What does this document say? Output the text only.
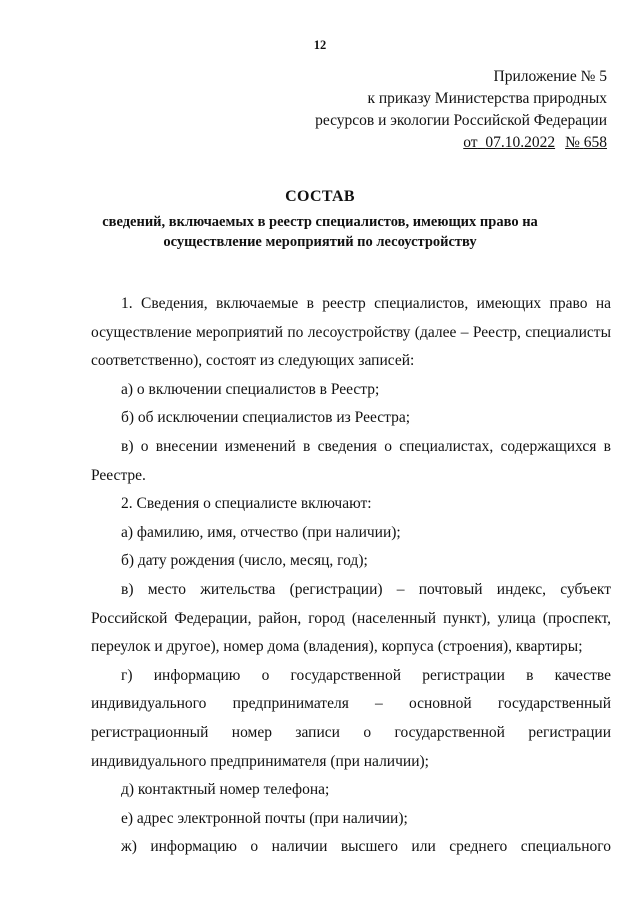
12
Приложение № 5
к приказу Министерства природных
ресурсов и экологии Российской Федерации
от 07.10.2022 № 658
СОСТАВ
сведений, включаемых в реестр специалистов, имеющих право на осуществление мероприятий по лесоустройству

1. Сведения, включаемые в реестр специалистов, имеющих право на осуществление мероприятий по лесоустройству (далее – Реестр, специалисты соответственно), состоят из следующих записей:

а) о включении специалистов в Реестр;

б) об исключении специалистов из Реестра;

в) о внесении изменений в сведения о специалистах, содержащихся в Реестре.

2. Сведения о специалисте включают:

а) фамилию, имя, отчество (при наличии);

б) дату рождения (число, месяц, год);

в) место жительства (регистрации) – почтовый индекс, субъект Российской Федерации, район, город (населенный пункт), улица (проспект, переулок и другое), номер дома (владения), корпуса (строения), квартиры;

г) информацию о государственной регистрации в качестве индивидуального предпринимателя – основной государственный регистрационный номер записи о государственной регистрации индивидуального предпринимателя (при наличии);

д) контактный номер телефона;

е) адрес электронной почты (при наличии);

ж) информацию о наличии высшего или среднего специального
